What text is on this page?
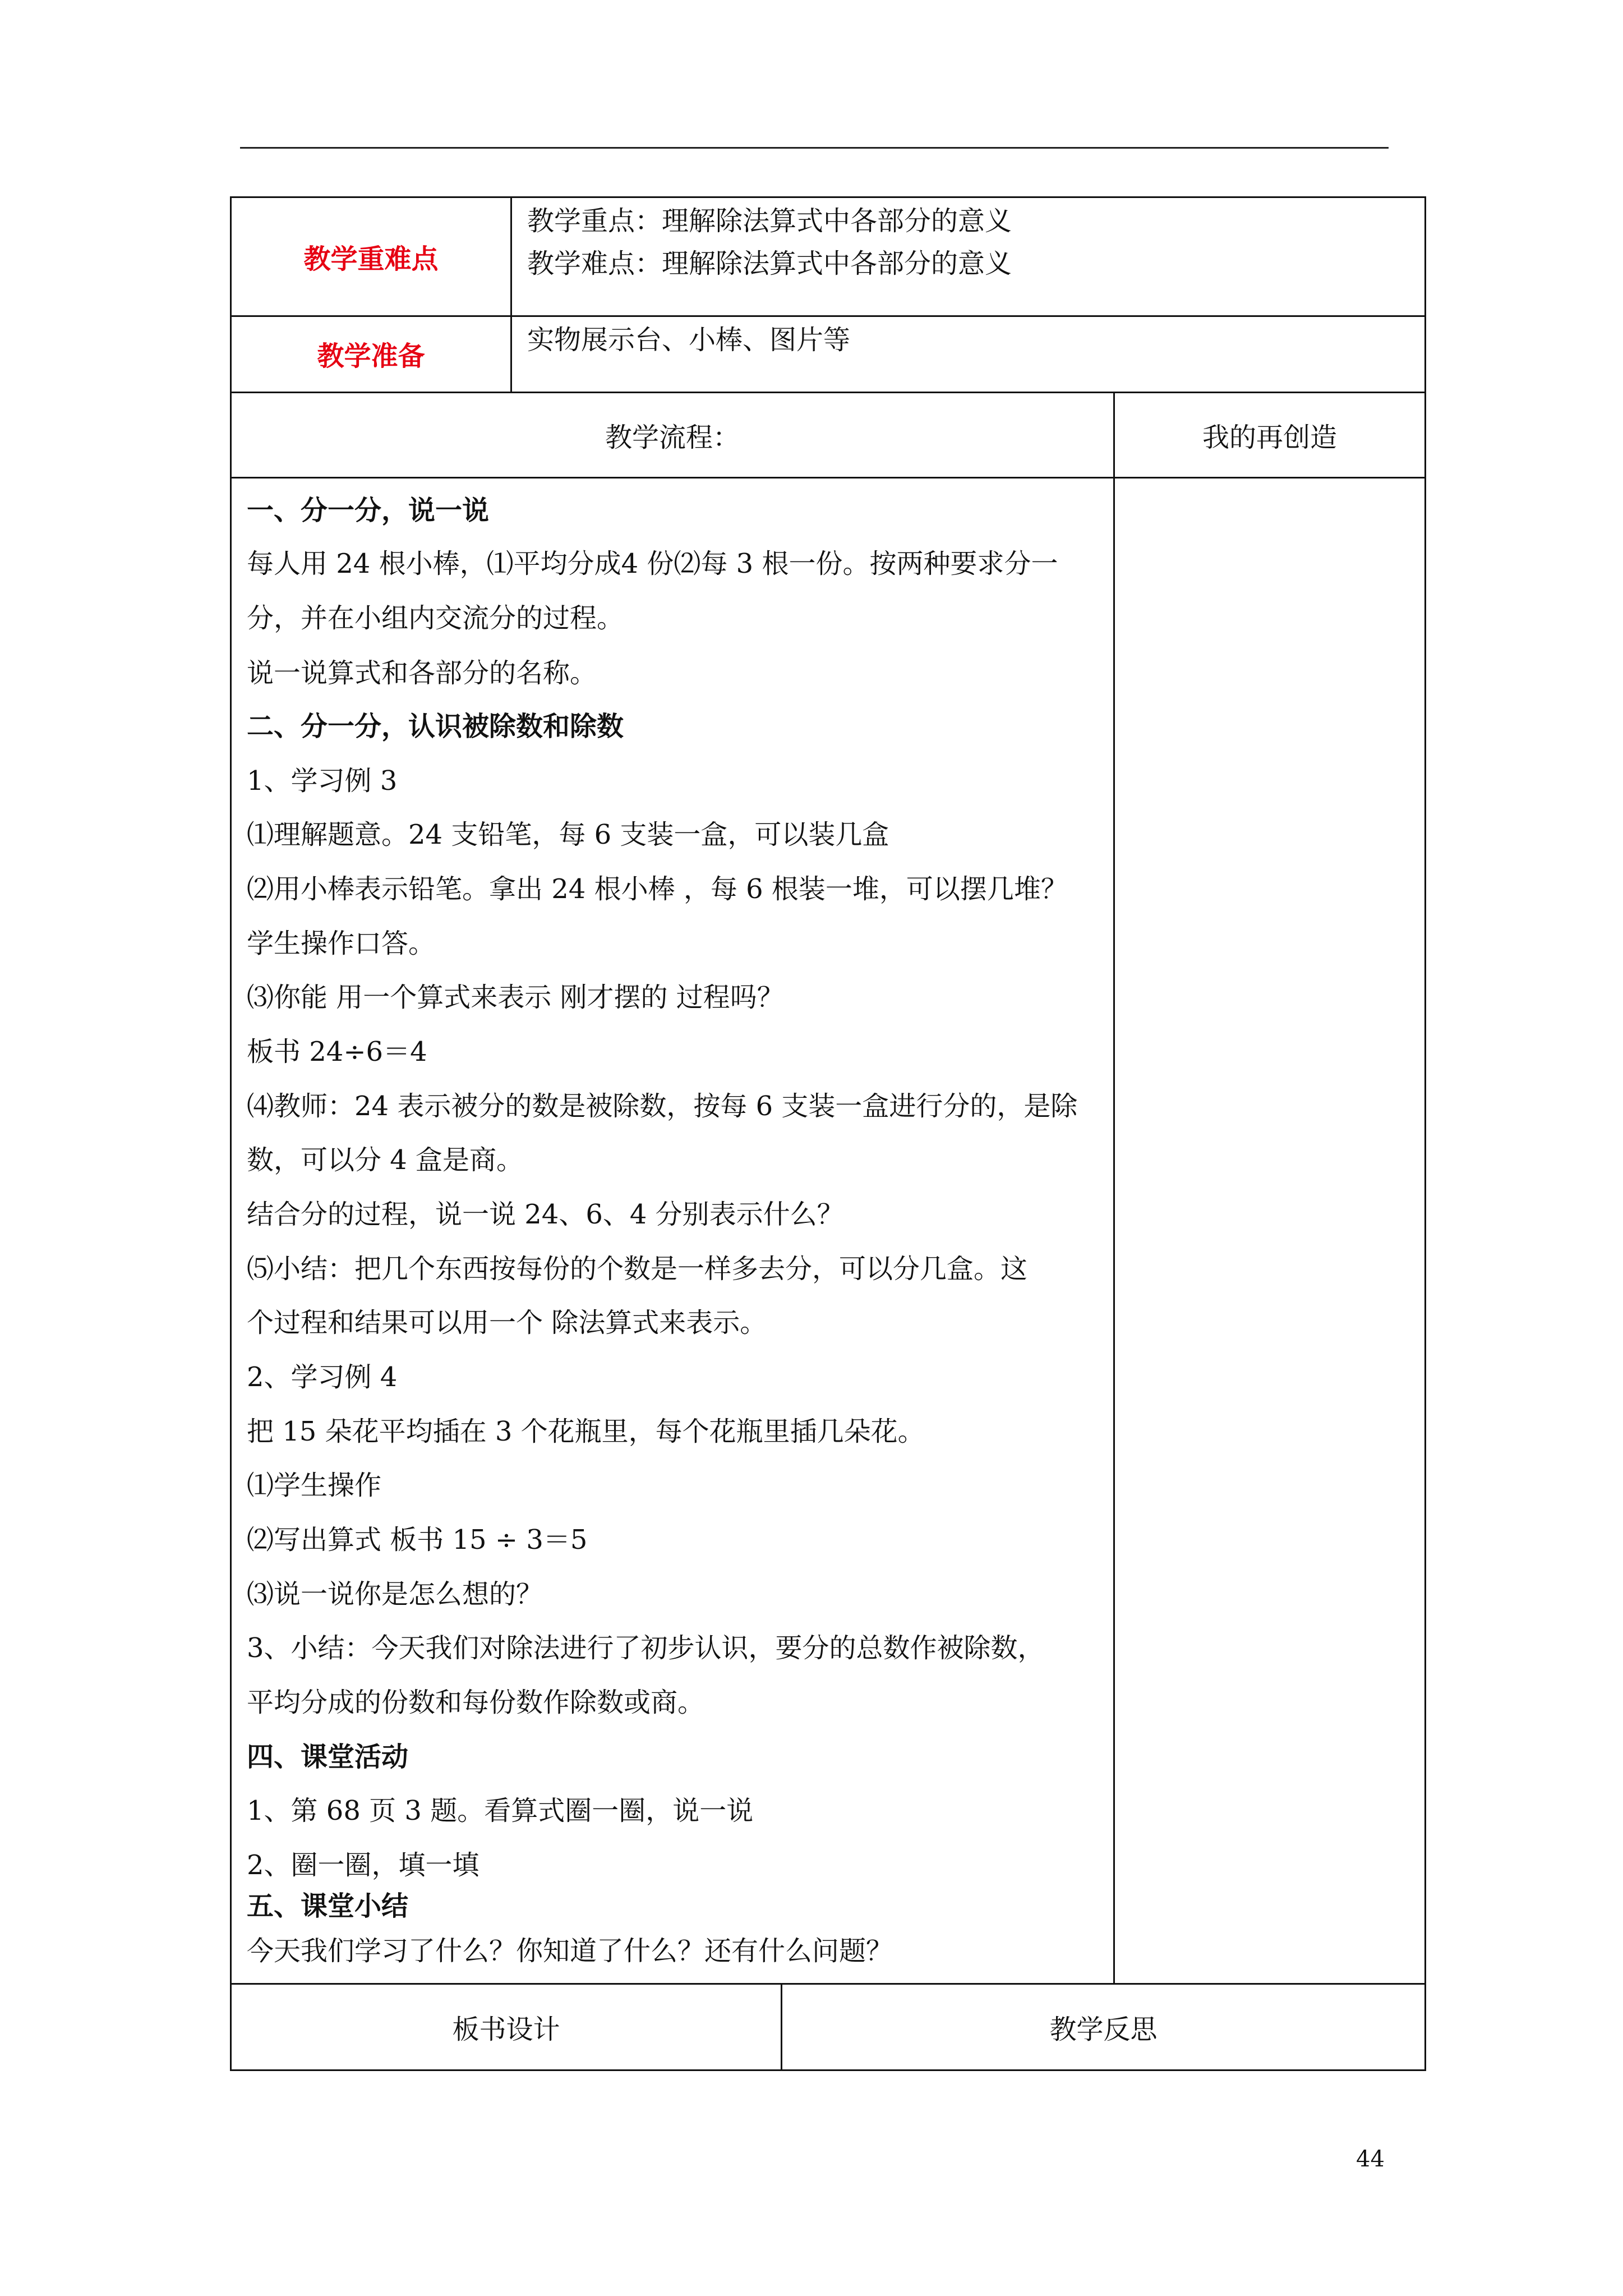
教学重难点
教学重点：理解除法算式中各部分的意义
教学难点：理解除法算式中各部分的意义
教学准备
实物展示台、小棒、图片等
教学流程：	我的再创造
一、分一分，说一说
每人用 24 根小棒，⑴平均分成4 份⑵每 3 根一份。按两种要求分一
分，并在小组内交流分的过程。
说一说算式和各部分的名称。
二、分一分，认识被除数和除数
1、学习例 3
⑴理解题意。24 支铅笔，每 6 支装一盒，可以装几盒
⑵用小棒表示铅笔。拿出 24 根小棒 ，每 6 根装一堆，可以摆几堆？
学生操作口答。
⑶你能 用一个算式来表示 刚才摆的 过程吗？
板书 24÷6＝4
⑷教师：24 表示被分的数是被除数，按每 6 支装一盒进行分的，是除
数，可以分 4 盒是商。
结合分的过程，说一说 24、6、4 分别表示什么？
⑸小结：把几个东西按每份的个数是一样多去分，可以分几盒。这
个过程和结果可以用一个 除法算式来表示。
2、学习例 4
把 15 朵花平均插在 3 个花瓶里，每个花瓶里插几朵花。
⑴学生操作
⑵写出算式 板书 15 ÷ 3＝5
⑶说一说你是怎么想的？
3、小结：今天我们对除法进行了初步认识，要分的总数作被除数，
平均分成的份数和每份数作除数或商。
四、课堂活动
1、第 68 页 3 题。看算式圈一圈，说一说
2、圈一圈，填一填
五、课堂小结
今天我们学习了什么？你知道了什么？还有什么问题？
板书设计	教学反思
44
